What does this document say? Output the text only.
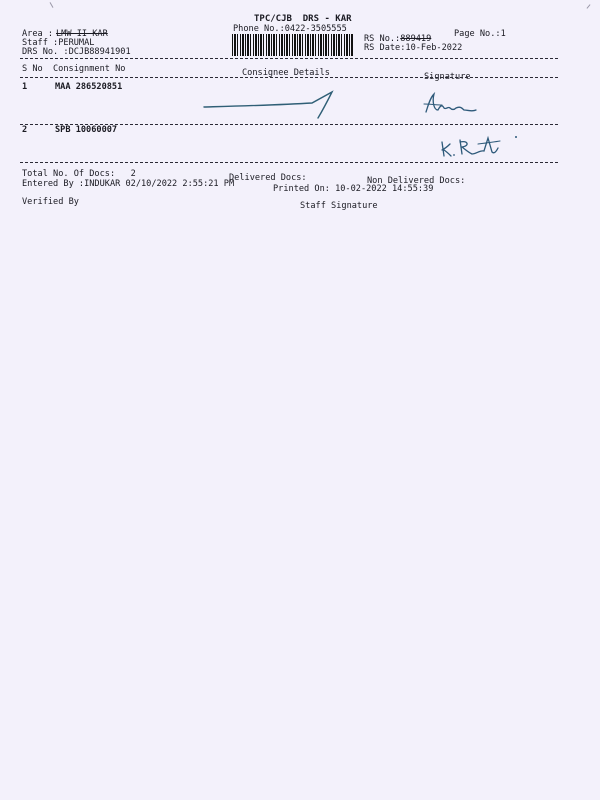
TPC/CJB  DRS - KAR
Phone No.:0422-3505555	Page No.:1
Area : LMW II KAR
Staff :PERUMAL
DRS No. :DCJB88941901
RS No.:889419
RS Date:10-Feb-2022
S No Consignment No	Consignee Details	Signature
1	MAA 286520851
2	SPB 10060007
Total No. Of Docs:   2	Delivered Docs:	Non Delivered Docs:
Entered By :INDUKAR 02/10/2022 2:55:21 PM	Printed On: 10-02-2022 14:55:39
Verified By	Staff Signature
